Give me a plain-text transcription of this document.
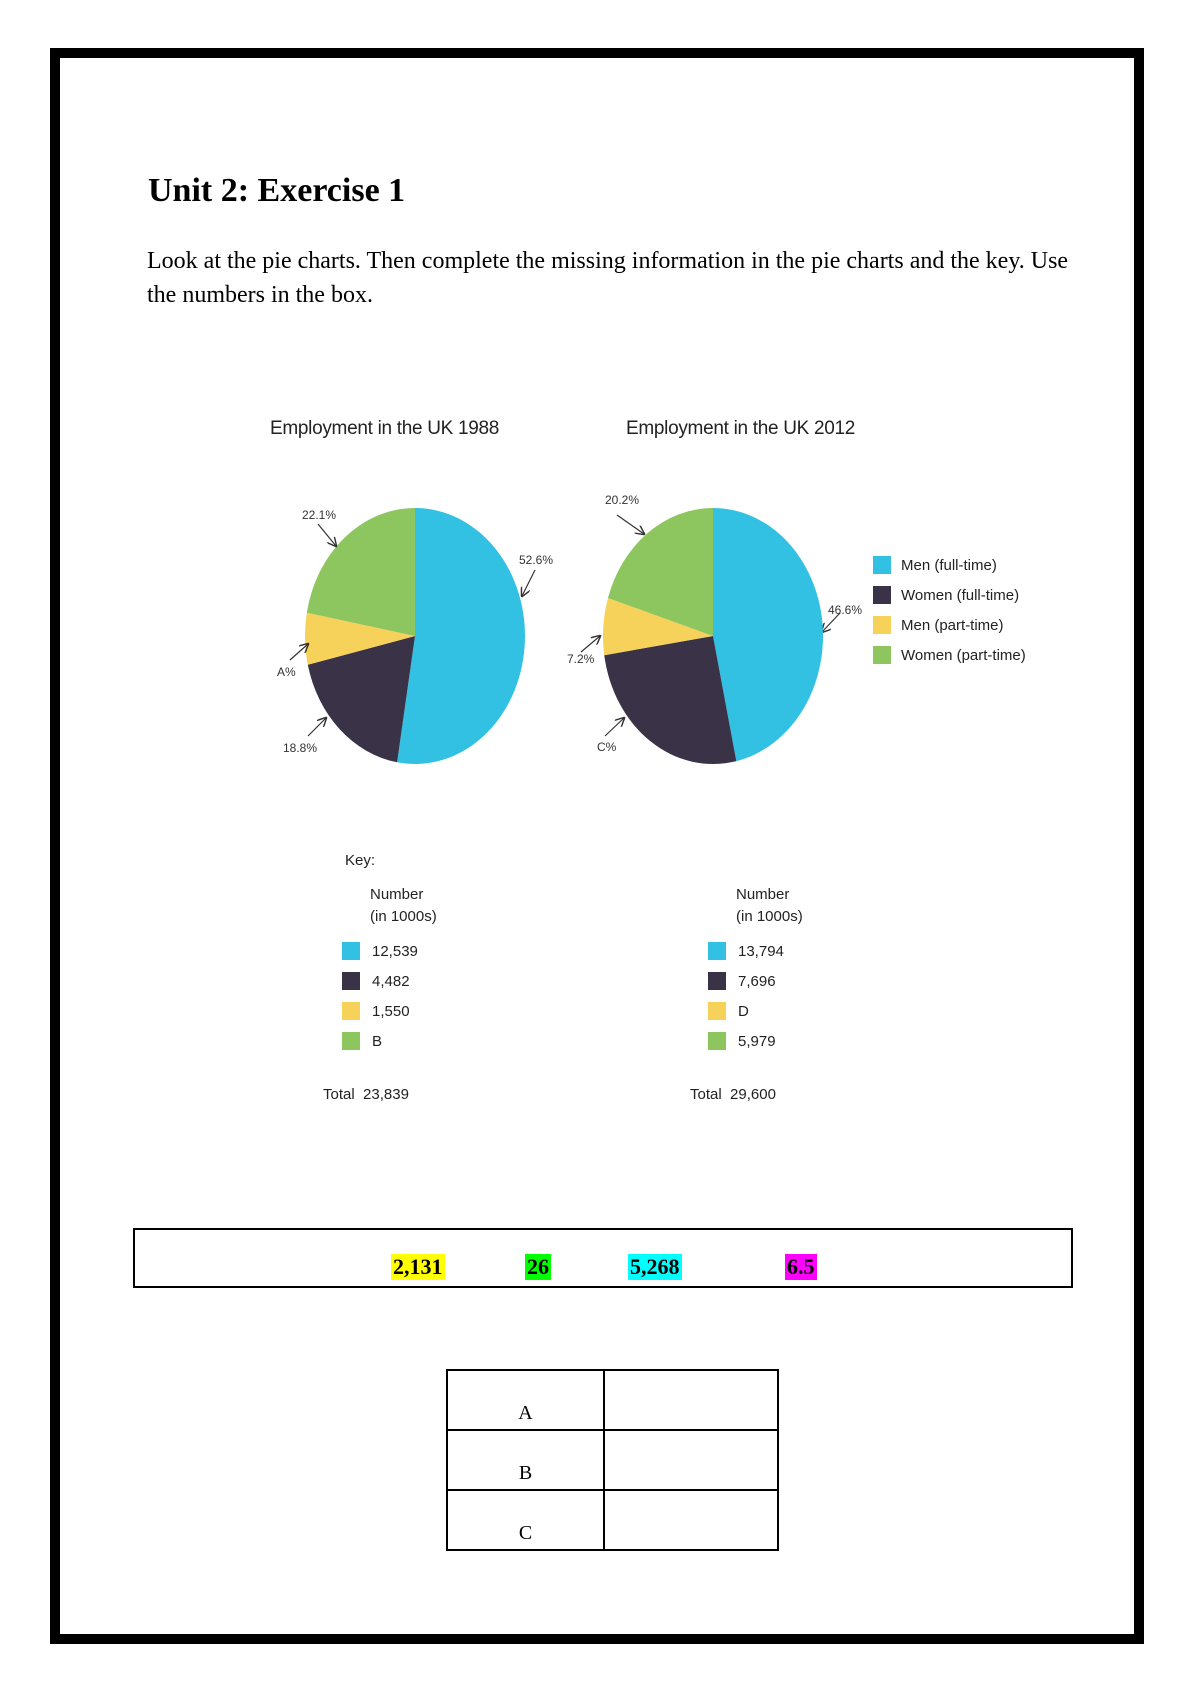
Unit 2: Exercise 1

Look at the pie charts. Then complete the missing information in the pie charts and the key. Use the numbers in the box.

Employment in the UK 1988
22.1%
52.6%
A%
18.8%
Employment in the UK 2012
20.2%
46.6%
7.2%
C%
Men (full-time)
Women (full-time)
Men (part-time)
Women (part-time)
Key:
Number
(in 1000s)
12,539
4,482
1,550
B
Total 23,839
Number
(in 1000s)
13,794
7,696
D
5,979
Total 29,600
2,131	26	5,268	6.5
A	
B	
C	
